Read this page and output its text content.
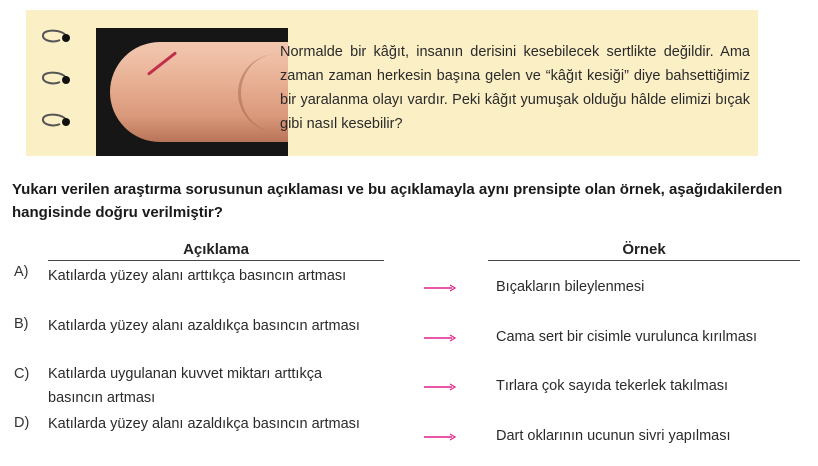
Normalde bir kâğıt, insanın derisini kesebilecek sertlikte değildir. Ama zaman zaman herkesin başına gelen ve “kâğıt kesiği” diye bahsettiğimiz bir yaralanma olayı vardır. Peki kâğıt yumuşak olduğu hâlde elimizi bıçak gibi nasıl kesebilir?
Yukarı verilen araştırma sorusunun açıklaması ve bu açıklamayla aynı prensipte olan örnek, aşağıdakilerden hangisinde doğru verilmiştir?
Açıklama	Örnek
A) Katılarda yüzey alanı arttıkça basıncın artması
Bıçakların bileylenmesi
B) Katılarda yüzey alanı azaldıkça basıncın artması
Cama sert bir cisimle vurulunca kırılması
C) Katılarda uygulanan kuvvet miktarı arttıkça basıncın artması
Tırlara çok sayıda tekerlek takılması
D) Katılarda yüzey alanı azaldıkça basıncın artması
Dart oklarının ucunun sivri yapılması
